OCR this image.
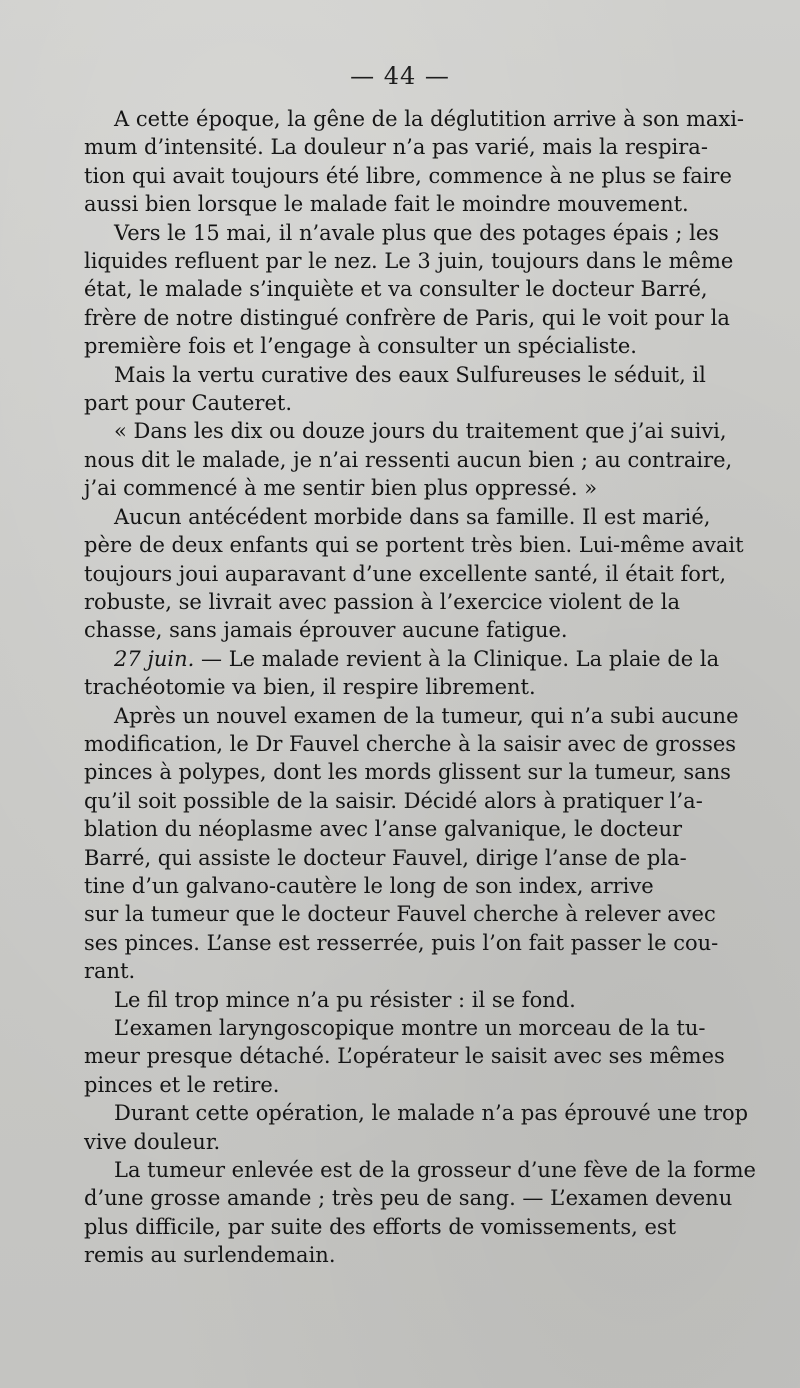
— 44 —

A cette époque, la gêne de la déglutition arrive à son maxi-
mum d’intensité. La douleur n’a pas varié, mais la respira-
tion qui avait toujours été libre, commence à ne plus se faire
aussi bien lorsque le malade fait le moindre mouvement.

Vers le 15 mai, il n’avale plus que des potages épais ; les
liquides refluent par le nez. Le 3 juin, toujours dans le même
état, le malade s’inquiète et va consulter le docteur Barré,
frère de notre distingué confrère de Paris, qui le voit pour la
première fois et l’engage à consulter un spécialiste.

Mais la vertu curative des eaux Sulfureuses le séduit, il
part pour Cauteret.

« Dans les dix ou douze jours du traitement que j’ai suivi,
nous dit le malade, je n’ai ressenti aucun bien ; au contraire,
j’ai commencé à me sentir bien plus oppressé. »

Aucun antécédent morbide dans sa famille. Il est marié,
père de deux enfants qui se portent très bien. Lui-même avait
toujours joui auparavant d’une excellente santé, il était fort,
robuste, se livrait avec passion à l’exercice violent de la
chasse, sans jamais éprouver aucune fatigue.

27 juin. — Le malade revient à la Clinique. La plaie de la
trachéotomie va bien, il respire librement.

Après un nouvel examen de la tumeur, qui n’a subi aucune
modification, le Dr Fauvel cherche à la saisir avec de grosses
pinces à polypes, dont les mords glissent sur la tumeur, sans
qu’il soit possible de la saisir. Décidé alors à pratiquer l’a-
blation du néoplasme avec l’anse galvanique, le docteur
Barré, qui assiste le docteur Fauvel, dirige l’anse de pla-
tine d’un galvano-cautère le long de son index, arrive
sur la tumeur que le docteur Fauvel cherche à relever avec
ses pinces. L’anse est resserrée, puis l’on fait passer le cou-
rant.

Le fil trop mince n’a pu résister : il se fond.

L’examen laryngoscopique montre un morceau de la tu-
meur presque détaché. L’opérateur le saisit avec ses mêmes
pinces et le retire.

Durant cette opération, le malade n’a pas éprouvé une trop
vive douleur.

La tumeur enlevée est de la grosseur d’une fève de la forme
d’une grosse amande ; très peu de sang. — L’examen devenu
plus difficile, par suite des efforts de vomissements, est
remis au surlendemain.
